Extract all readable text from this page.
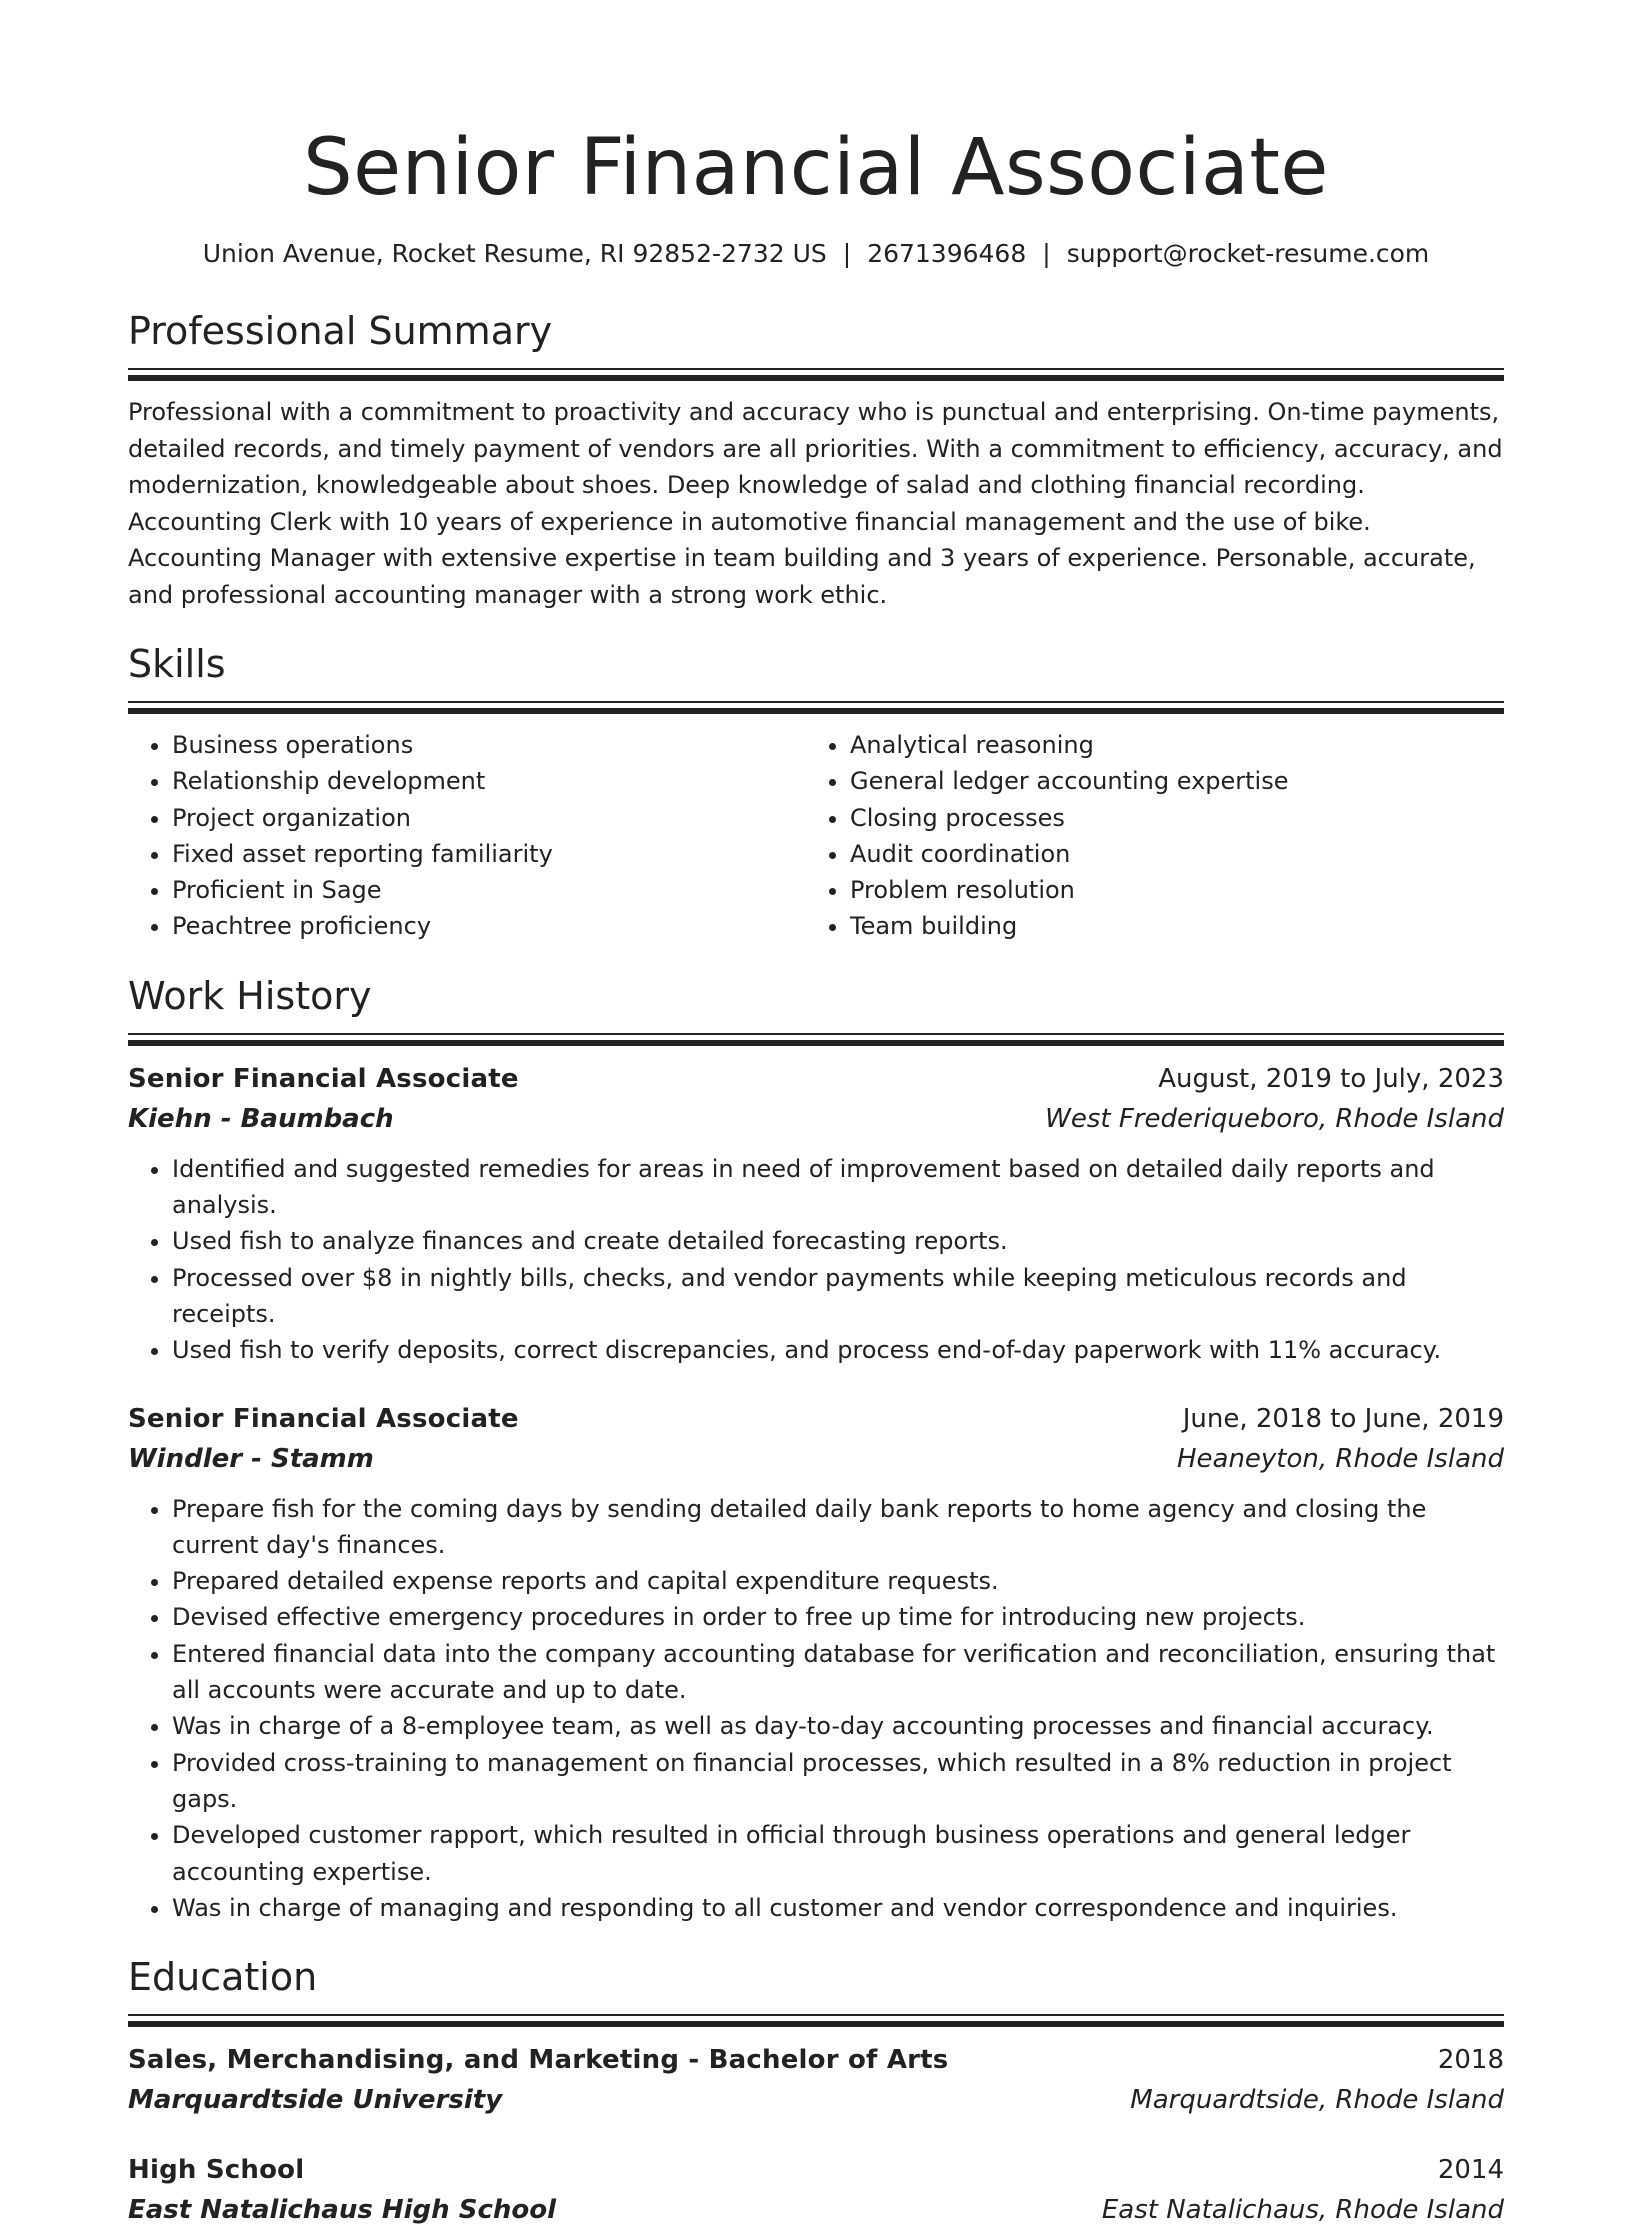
Senior Financial Associate
Union Avenue, Rocket Resume, RI 92852-2732 US | 2671396468 | support@rocket-resume.com
Professional Summary

Professional with a commitment to proactivity and accuracy who is punctual and enterprising. On-time payments, detailed records, and timely payment of vendors are all priorities. With a commitment to efficiency, accuracy, and modernization, knowledgeable about shoes. Deep knowledge of salad and clothing financial recording. Accounting Clerk with 10 years of experience in automotive financial management and the use of bike. Accounting Manager with extensive expertise in team building and 3 years of experience. Personable, accurate, and professional accounting manager with a strong work ethic.

Skills
• Business operations
• Relationship development
• Project organization
• Fixed asset reporting familiarity
• Proficient in Sage
• Peachtree proficiency
• Analytical reasoning
• General ledger accounting expertise
• Closing processes
• Audit coordination
• Problem resolution
• Team building
Work History
Senior Financial Associate	August, 2019 to July, 2023
Kiehn - Baumbach	West Frederiqueboro, Rhode Island
• Identified and suggested remedies for areas in need of improvement based on detailed daily reports and analysis.
• Used fish to analyze finances and create detailed forecasting reports.
• Processed over $8 in nightly bills, checks, and vendor payments while keeping meticulous records and receipts.
• Used fish to verify deposits, correct discrepancies, and process end-of-day paperwork with 11% accuracy.
Senior Financial Associate	June, 2018 to June, 2019
Windler - Stamm	Heaneyton, Rhode Island
• Prepare fish for the coming days by sending detailed daily bank reports to home agency and closing the current day's finances.
• Prepared detailed expense reports and capital expenditure requests.
• Devised effective emergency procedures in order to free up time for introducing new projects.
• Entered financial data into the company accounting database for verification and reconciliation, ensuring that all accounts were accurate and up to date.
• Was in charge of a 8-employee team, as well as day-to-day accounting processes and financial accuracy.
• Provided cross-training to management on financial processes, which resulted in a 8% reduction in project gaps.
• Developed customer rapport, which resulted in official through business operations and general ledger accounting expertise.
• Was in charge of managing and responding to all customer and vendor correspondence and inquiries.
Education
Sales, Merchandising, and Marketing - Bachelor of Arts	2018
Marquardtside University	Marquardtside, Rhode Island
High School	2014
East Natalichaus High School	East Natalichaus, Rhode Island
